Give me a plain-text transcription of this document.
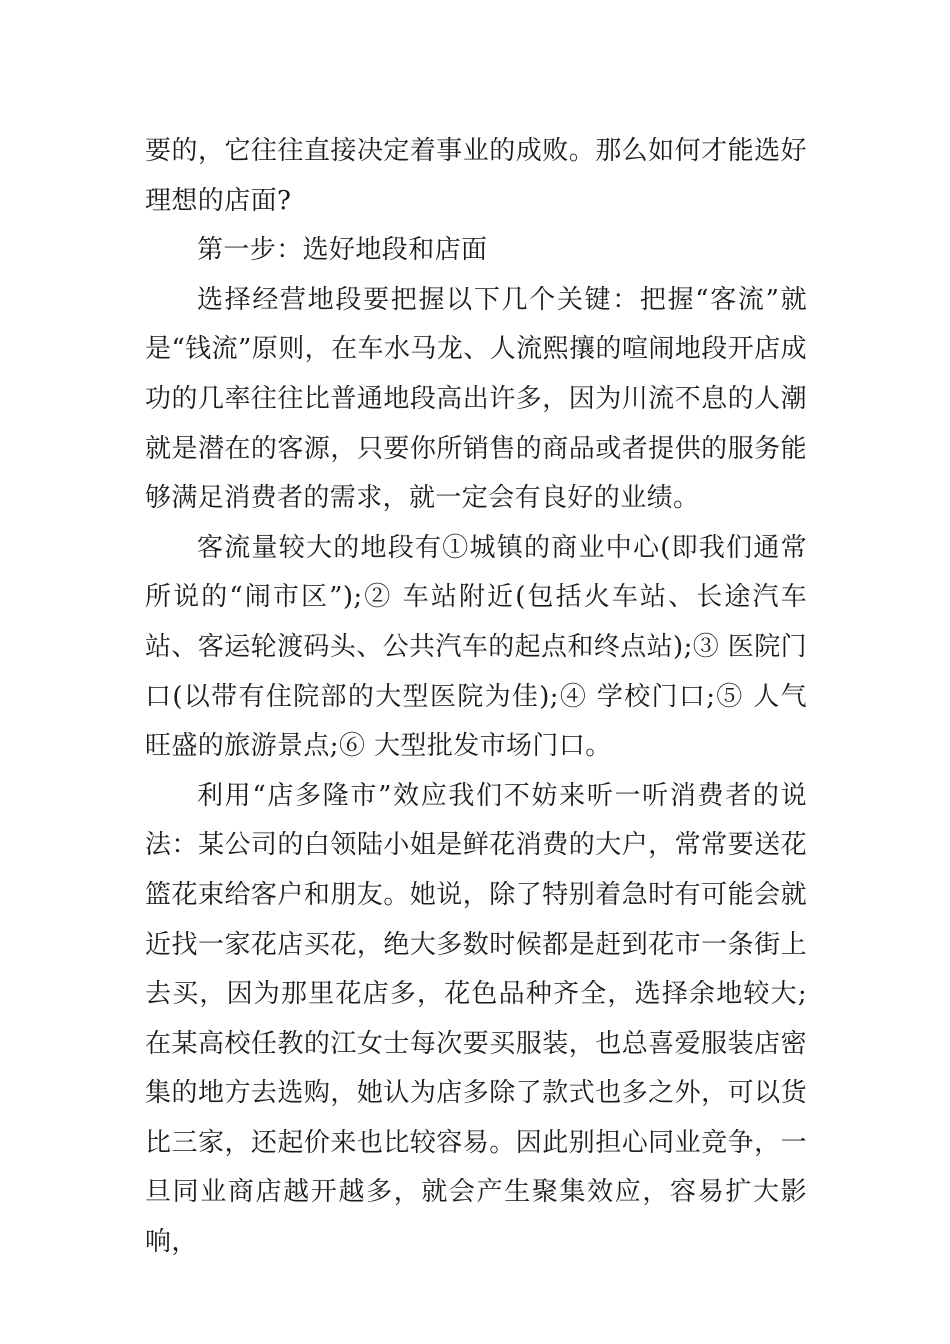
要的，它往往直接决定着事业的成败。那么如何才能选好理想的店面?

第一步：选好地段和店面

选择经营地段要把握以下几个关键：把握“客流”就是“钱流”原则，在车水马龙、人流熙攘的喧闹地段开店成功的几率往往比普通地段高出许多，因为川流不息的人潮就是潜在的客源，只要你所销售的商品或者提供的服务能够满足消费者的需求，就一定会有良好的业绩。

客流量较大的地段有①城镇的商业中心(即我们通常所说的“闹市区”);② 车站附近(包括火车站、长途汽车站、客运轮渡码头、公共汽车的起点和终点站);③ 医院门口(以带有住院部的大型医院为佳);④ 学校门口;⑤ 人气旺盛的旅游景点;⑥ 大型批发市场门口。

利用“店多隆市”效应我们不妨来听一听消费者的说法：某公司的白领陆小姐是鲜花消费的大户，常常要送花篮花束给客户和朋友。她说，除了特别着急时有可能会就近找一家花店买花，绝大多数时候都是赶到花市一条街上去买，因为那里花店多，花色品种齐全，选择余地较大;在某高校任教的江女士每次要买服装，也总喜爱服装店密集的地方去选购，她认为店多除了款式也多之外，可以货比三家，还起价来也比较容易。因此别担心同业竞争，一旦同业商店越开越多，就会产生聚集效应，容易扩大影响，
